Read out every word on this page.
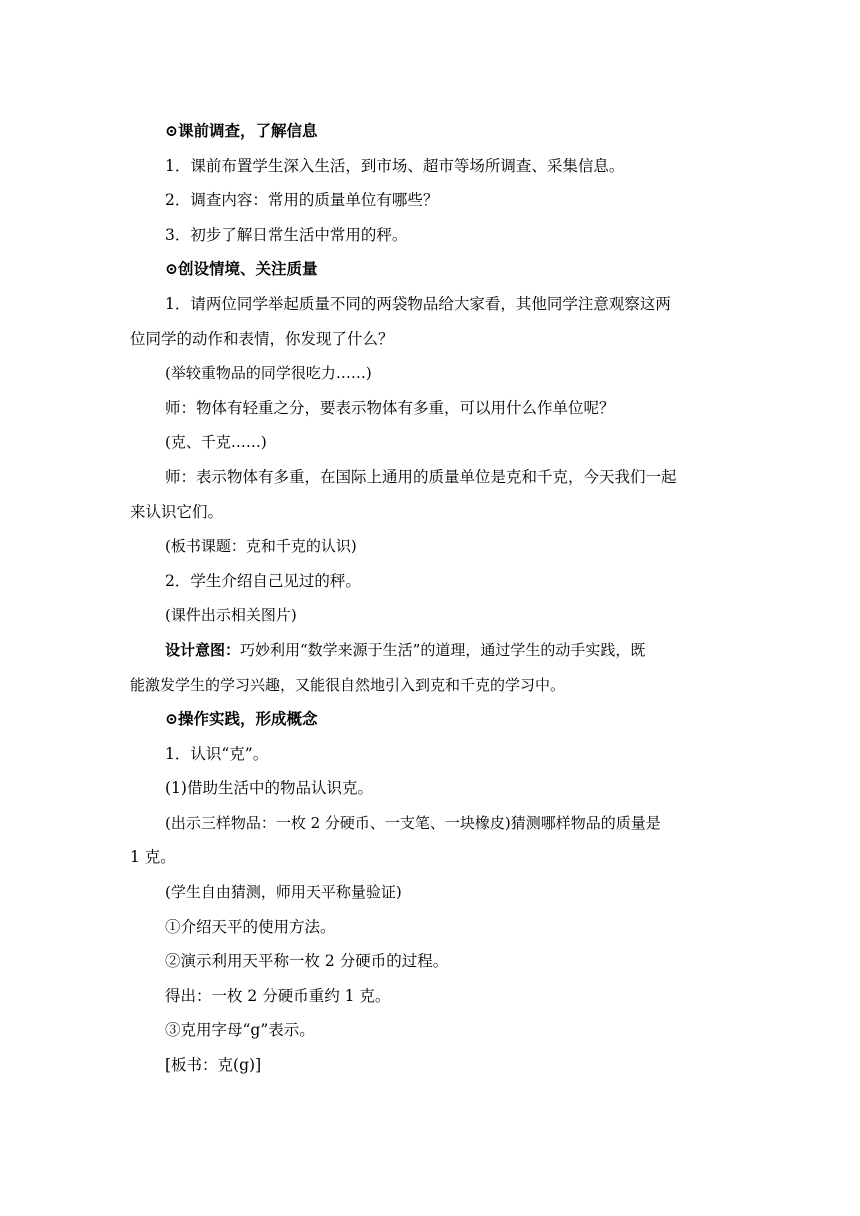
⊙课前调查，了解信息

1．课前布置学生深入生活，到市场、超市等场所调查、采集信息。

2．调查内容：常用的质量单位有哪些？

3．初步了解日常生活中常用的秤。

⊙创设情境、关注质量

1．请两位同学举起质量不同的两袋物品给大家看，其他同学注意观察这两

位同学的动作和表情，你发现了什么？

(举较重物品的同学很吃力……)

师：物体有轻重之分，要表示物体有多重，可以用什么作单位呢？

(克、千克……)

师：表示物体有多重，在国际上通用的质量单位是克和千克，今天我们一起

来认识它们。

(板书课题：克和千克的认识)

2．学生介绍自己见过的秤。

(课件出示相关图片)

设计意图：巧妙利用“数学来源于生活”的道理，通过学生的动手实践，既

能激发学生的学习兴趣，又能很自然地引入到克和千克的学习中。

⊙操作实践，形成概念

1．认识“克”。

(1)借助生活中的物品认识克。

(出示三样物品：一枚 2 分硬币、一支笔、一块橡皮)猜测哪样物品的质量是

1 克。

(学生自由猜测，师用天平称量验证)

①介绍天平的使用方法。

②演示利用天平称一枚 2 分硬币的过程。

得出：一枚 2 分硬币重约 1 克。

③克用字母“g”表示。

[板书：克(g)]
